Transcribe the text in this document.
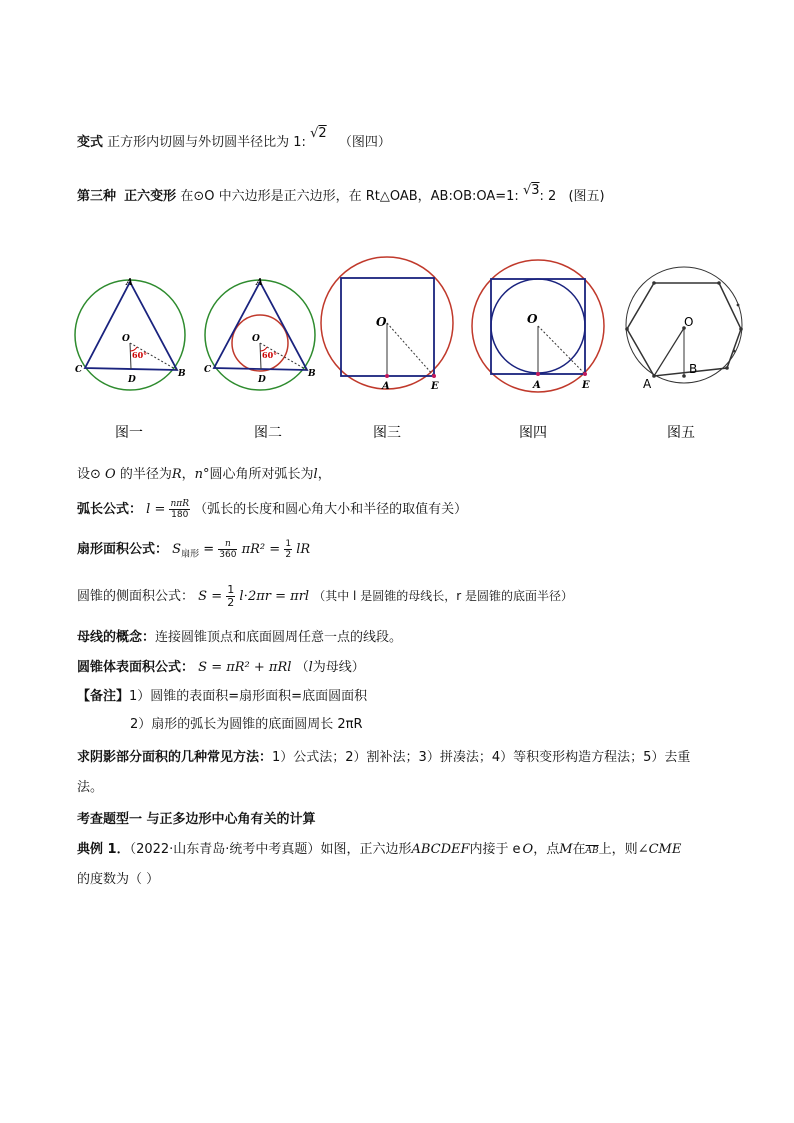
变式 正方形内切圆与外切圆半径比为 1: √2 （图四）
第三种 正六变形 在⊙O 中六边形是正六边形，在 Rt△OAB，AB:OB:OA=1: √3: 2 (图五)
O
A
C
D
B
60°
O
A
C
D
B
60°
O
A	E
O
A	E
O
B
A
图一	图二	图三	图四	图五
设⊙ O 的半径为R，n°圆心角所对弧长为l，
弧长公式： $l = \frac{\text{nπR}}{180}$ （弧长的长度和圆心角大小和半径的取值有关）
扇形面积公式： $S_{扇形} = \frac{n}{360} \pi R^2 = \frac{1}{2}$ lR
圆锥的侧面积公式： $S = \frac{1}{2} l\cdot 2\pi r = \pi rl$ （其中 l 是圆锥的母线长，r 是圆锥的底面半径）
母线的概念：连接圆锥顶点和底面圆周任意一点的线段。
圆锥体表面积公式： S = πR² + πRl （l为母线）
【备注】1）圆锥的表面积=扇形面积=底面圆面积
2）扇形的弧长为圆锥的底面圆周长 2πR
求阴影部分面积的几种常见方法：1）公式法；2）割补法；3）拼凑法；4）等积变形构造方程法；5）去重
法。
考查题型一 与正多边形中心角有关的计算
典例 1．（2022·山东青岛·统考中考真题）如图，正六边形ABCDEF内接于 e O，点M在$\overline{AB}$上，则∠CME
的度数为（ ）
